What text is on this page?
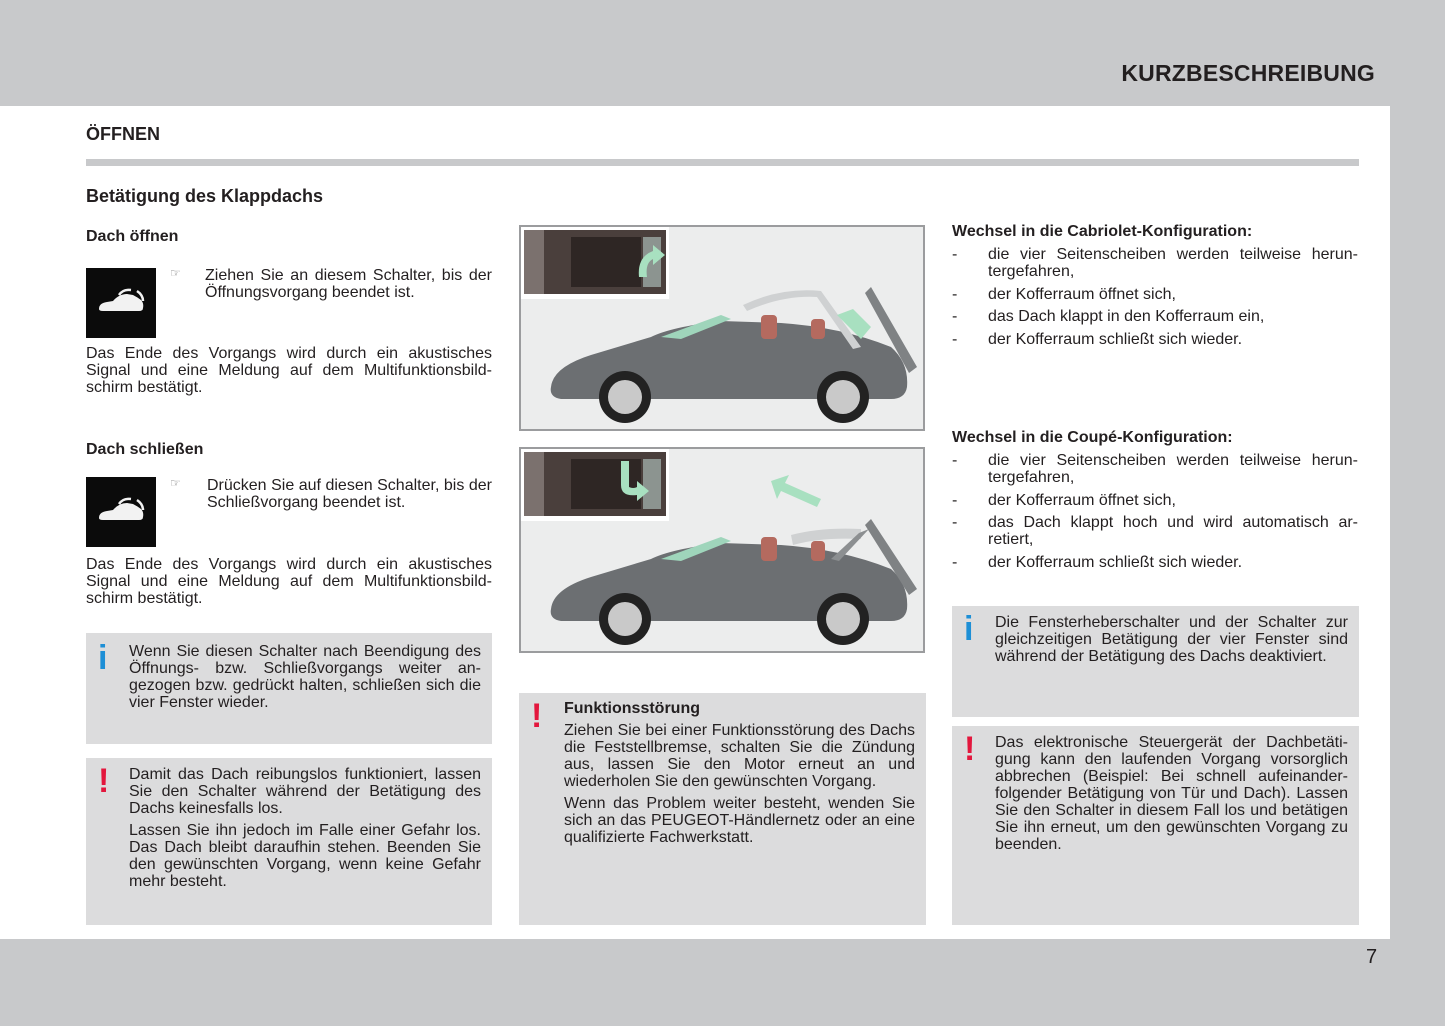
KURZBESCHREIBUNG
ÖFFNEN
Betätigung des Klappdachs
Dach öffnen
☞ Ziehen Sie an diesem Schalter, bis der Öffnungsvorgang beendet ist.
Das Ende des Vorgangs wird durch ein akustisches Signal und eine Meldung auf dem Multifunktionsbildschirm bestätigt.
Dach schließen
☞ Drücken Sie auf diesen Schalter, bis der Schließvorgang beendet ist.
Das Ende des Vorgangs wird durch ein akustisches Signal und eine Meldung auf dem Multifunktionsbildschirm bestätigt.
i Wenn Sie diesen Schalter nach Beendigung des Öffnungs- bzw. Schließvorgangs weiter angezogen bzw. gedrückt halten, schließen sich die vier Fenster wieder.
! Damit das Dach reibungslos funktioniert, lassen Sie den Schalter während der Betätigung des Dachs keinesfalls los.

Lassen Sie ihn jedoch im Falle einer Gefahr los. Das Dach bleibt daraufhin stehen. Beenden Sie den gewünschten Vorgang, wenn keine Gefahr mehr besteht.

! Funktionsstörung

Ziehen Sie bei einer Funktionsstörung des Dachs die Feststellbremse, schalten Sie die Zündung aus, lassen Sie den Motor erneut an und wiederholen Sie den gewünschten Vorgang.

Wenn das Problem weiter besteht, wenden Sie sich an das PEUGEOT-Händlernetz oder an eine qualifizierte Fachwerkstatt.

Wechsel in die Cabriolet-Konfiguration:
- die vier Seitenscheiben werden teilweise heruntergefahren,
- der Kofferraum öffnet sich,
- das Dach klappt in den Kofferraum ein,
- der Kofferraum schließt sich wieder.
Wechsel in die Coupé-Konfiguration:
- die vier Seitenscheiben werden teilweise heruntergefahren,
- der Kofferraum öffnet sich,
- das Dach klappt hoch und wird automatisch arretiert,
- der Kofferraum schließt sich wieder.
i Die Fensterheberschalter und der Schalter zur gleichzeitigen Betätigung der vier Fenster sind während der Betätigung des Dachs deaktiviert.
! Das elektronische Steuergerät der Dachbetätigung kann den laufenden Vorgang vorsorglich abbrechen (Beispiel: Bei schnell aufeinanderfolgender Betätigung von Tür und Dach). Lassen Sie den Schalter in diesem Fall los und betätigen Sie ihn erneut, um den gewünschten Vorgang zu beenden.
7
